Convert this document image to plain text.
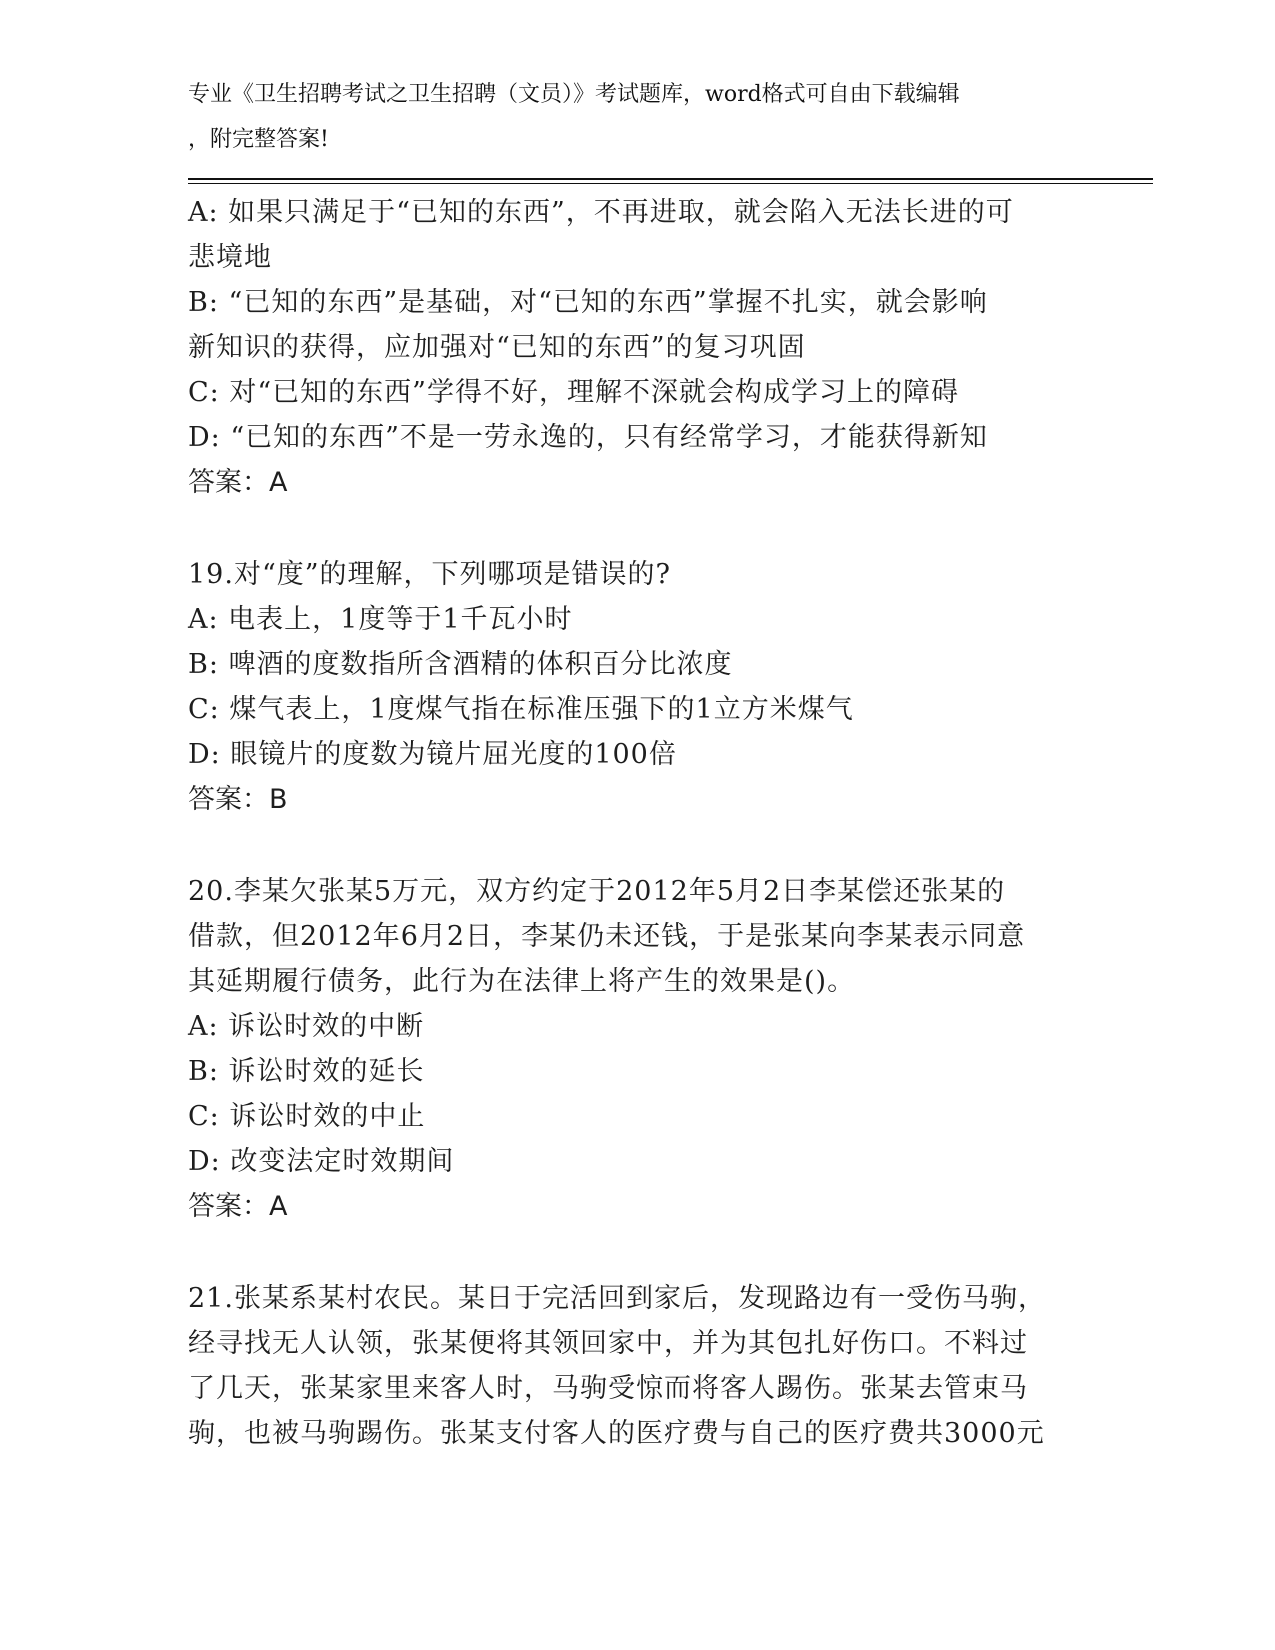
专业《卫生招聘考试之卫生招聘（文员）》考试题库，word格式可自由下载编辑
，附完整答案!
A: 如果只满足于“已知的东西”，不再进取，就会陷入无法长进的可
悲境地
B: “已知的东西”是基础，对“已知的东西”掌握不扎实，就会影响
新知识的获得，应加强对“已知的东西”的复习巩固
C: 对“已知的东西”学得不好，理解不深就会构成学习上的障碍
D: “已知的东西”不是一劳永逸的，只有经常学习，才能获得新知
答案：A
19.对“度”的理解，下列哪项是错误的?
A: 电表上，1度等于1千瓦小时
B: 啤酒的度数指所含酒精的体积百分比浓度
C: 煤气表上，1度煤气指在标准压强下的1立方米煤气
D: 眼镜片的度数为镜片屈光度的100倍
答案：B
20.李某欠张某5万元，双方约定于2012年5月2日李某偿还张某的
借款，但2012年6月2日，李某仍未还钱，于是张某向李某表示同意
其延期履行债务，此行为在法律上将产生的效果是()。
A: 诉讼时效的中断
B: 诉讼时效的延长
C: 诉讼时效的中止
D: 改变法定时效期间
答案：A
21.张某系某村农民。某日于完活回到家后，发现路边有一受伤马驹，
经寻找无人认领，张某便将其领回家中，并为其包扎好伤口。不料过
了几天，张某家里来客人时，马驹受惊而将客人踢伤。张某去管束马
驹，也被马驹踢伤。张某支付客人的医疗费与自己的医疗费共3000元
